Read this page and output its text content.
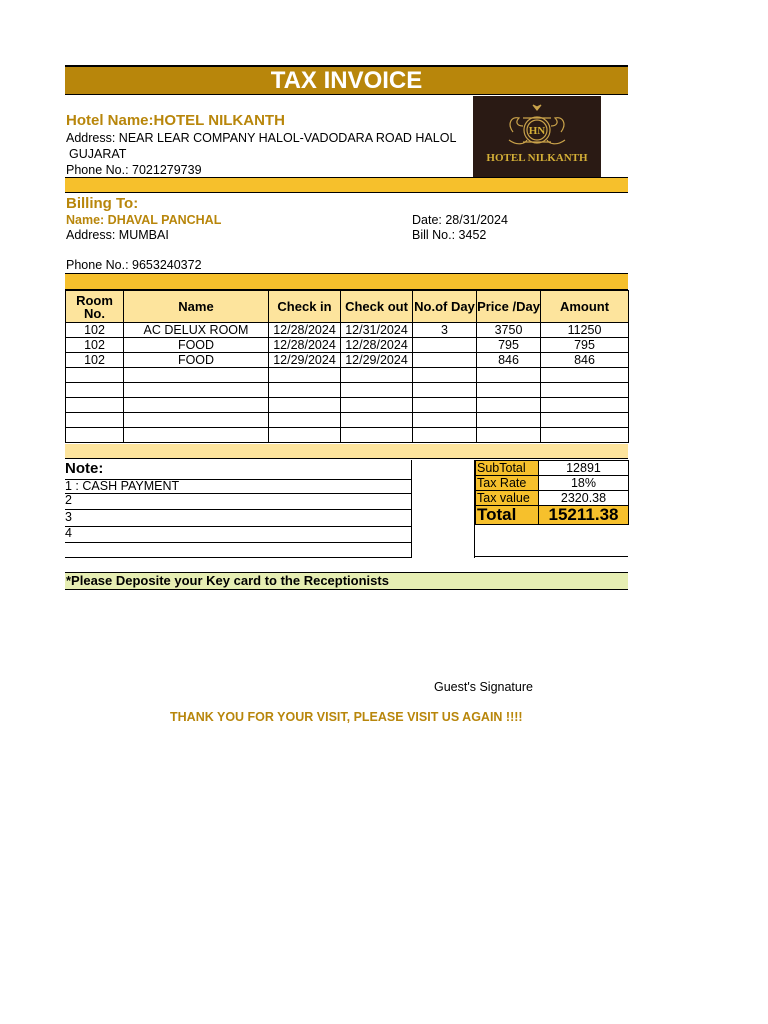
TAX INVOICE
Hotel Name:HOTEL NILKANTH
Address: NEAR LEAR COMPANY HALOL-VADODARA ROAD HALOL
GUJARAT
Phone No.: 7021279739
HN
HOTEL NILKANTH
Billing To:
Name: DHAVAL PANCHAL
Address: MUMBAI
Phone No.: 9653240372
Date: 28/31/2024
Bill No.: 3452
Room No.	Name	Check in	Check out	No.of Day	Price /Day	Amount
102	AC DELUX ROOM	12/28/2024	12/31/2024	3	3750	11250
102	FOOD	12/28/2024	12/28/2024		795	795
102	FOOD	12/29/2024	12/29/2024		846	846

Note:
1 : CASH PAYMENT
2
3
4
SubTotal	12891
Tax Rate	18%
Tax value	2320.38
Total	15211.38
*Please Deposite your Key card to the Receptionists
Guest's Signature
THANK YOU FOR YOUR VISIT, PLEASE VISIT US AGAIN !!!!
